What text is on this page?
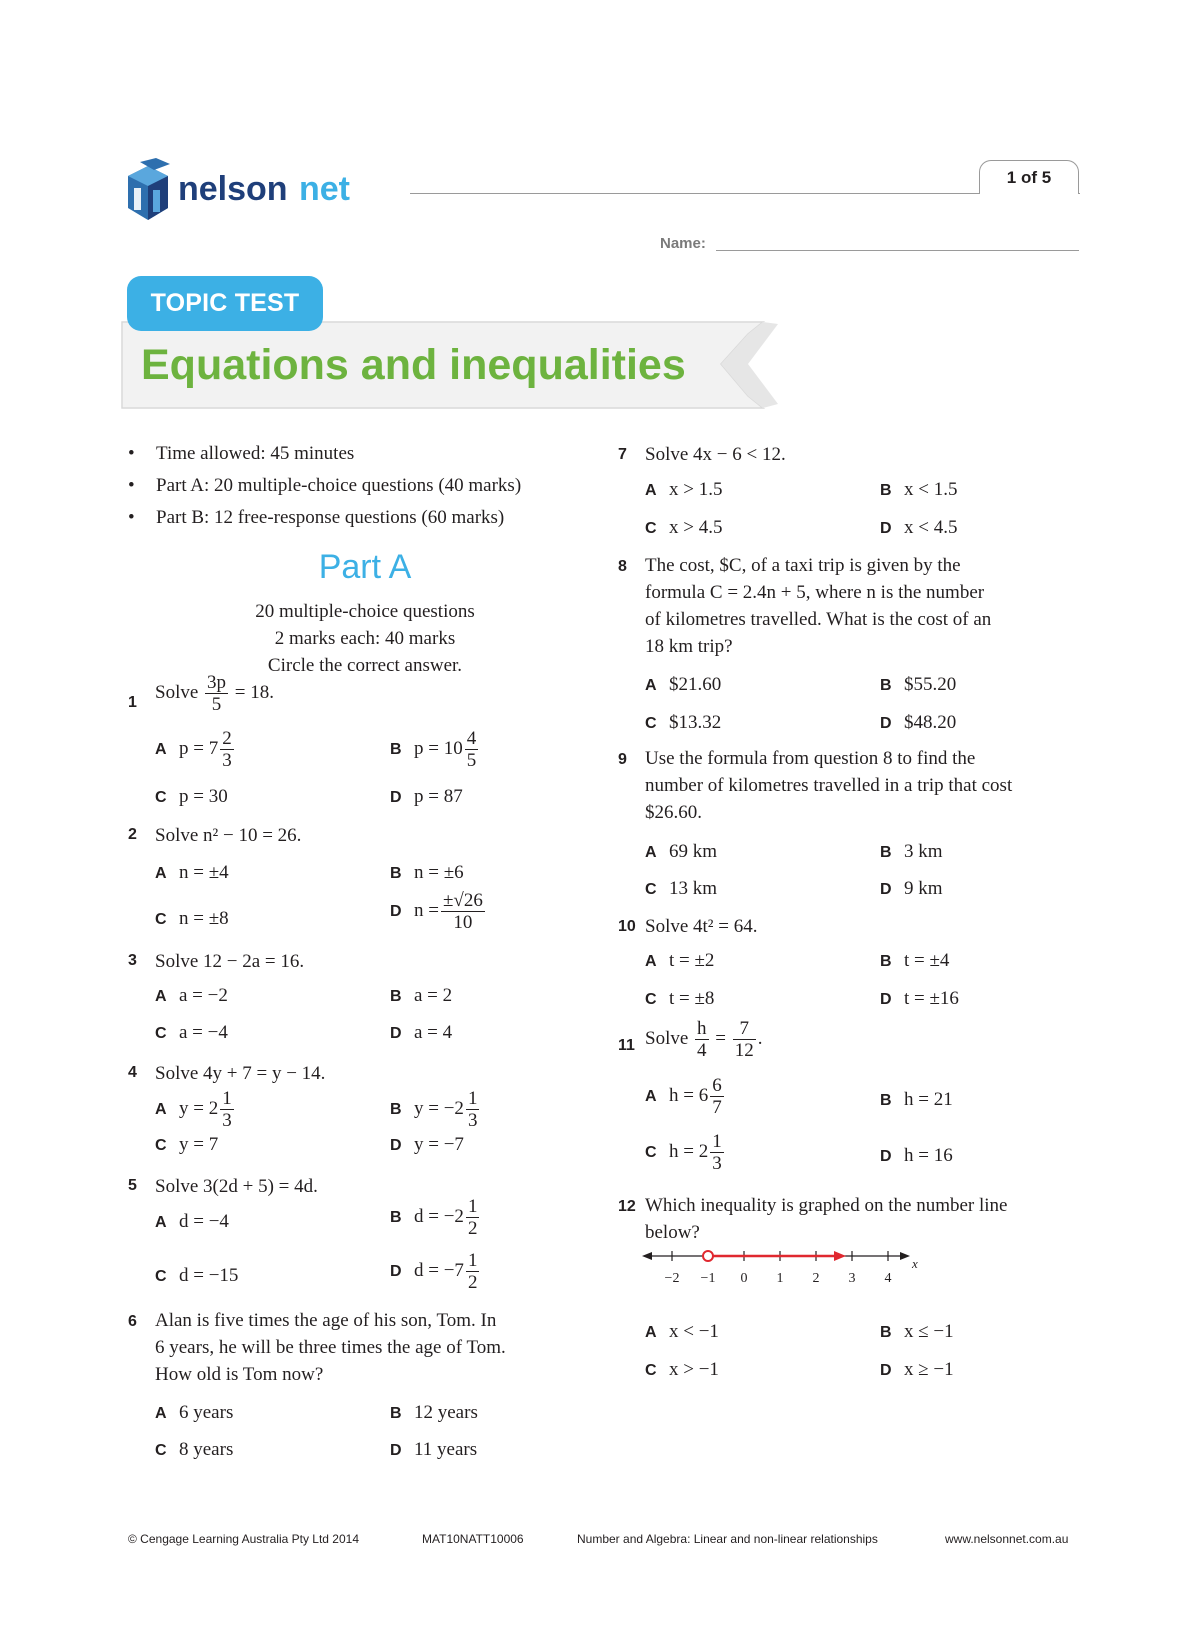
nelson net	1 of 5
Name:
TOPIC TEST
Equations and inequalities
• Time allowed: 45 minutes
• Part A: 20 multiple-choice questions (40 marks)
• Part B: 12 free-response questions (60 marks)
Part A
20 multiple-choice questions
2 marks each: 40 marks
Circle the correct answer.
1 Solve $\frac{3p}{5} = 18$.
A $p = 7 \frac{2}{3}$	B $p = 10 \frac{4}{5}$
C p = 30	D p = 87
2 Solve n² − 10 = 26.
A n = ±4	B n = ±6
C n = ±8	D $n = \frac{\pm√26}{10}$
3 Solve 12 − 2a = 16.
A a = −2	B a = 2
C a = −4	D a = 4
4 Solve 4y + 7 = y − 14.
A $y = 2 \frac{1}{3}$	B $y = -2 \frac{1}{3}$
C y = 7	D y = −7
5 Solve 3(2d + 5) = 4d.
A d = −4	B $d = -2 \frac{1}{2}$
C d = −15	D $d = -7 \frac{1}{2}$
6 Alan is five times the age of his son, Tom. In
6 years, he will be three times the age of Tom.
How old is Tom now?
A 6 years	B 12 years
C 8 years	D 11 years
7 Solve 4x − 6 < 12.
A x > 1.5	B x < 1.5
C x > 4.5	D x < 4.5
8 The cost, $C, of a taxi trip is given by the
formula C = 2.4n + 5, where n is the number
of kilometres travelled. What is the cost of an
18 km trip?
A $21.60	B $55.20
C $13.32	D $48.20
9 Use the formula from question 8 to find the
number of kilometres travelled in a trip that cost
$26.60.
A 69 km	B 3 km
C 13 km	D 9 km
10 Solve 4t² = 64.
A t = ±2	B t = ±4
C t = ±8	D t = ±16
11 Solve $\frac{h}{4} = \frac{7}{12}$ .
A $h = 6 \frac{6}{7}$	B h = 21
C $h = 2 \frac{1}{3}$	D h = 16
12 Which inequality is graphed on the number line
below?
−2 −1 0 1 2 3 4
x
A x < −1	B x ≤ −1
C x > −1	D x ≥ −1
© Cengage Learning Australia Pty Ltd 2014	MAT10NATT10006	Number and Algebra: Linear and non-linear relationships	www.nelsonnet.com.au
